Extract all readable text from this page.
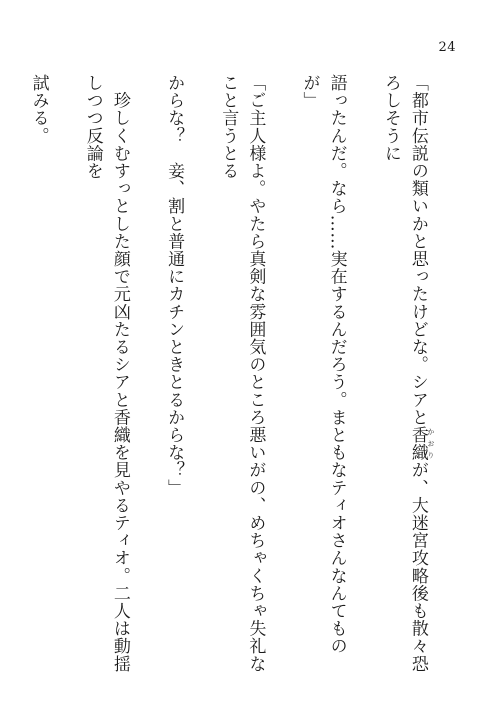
24

「都市伝説の類いかと思ったけどな。シアと香織 かおりが、大迷宮攻略後も散々恐ろしそうに

語ったんだ。なら……実在するんだろう。まともなティオさんなんてものが」

「ご主人様よ。やたら真剣な雰囲気のところ悪いがの、めちゃくちゃ失礼なこと言うとる

からな？　妾、割と普通にカチンときとるからな？」

　珍しくむすっとした顔で元凶たるシアと香織を見やるティオ。二人は動揺しつつ反論を

試みる。
